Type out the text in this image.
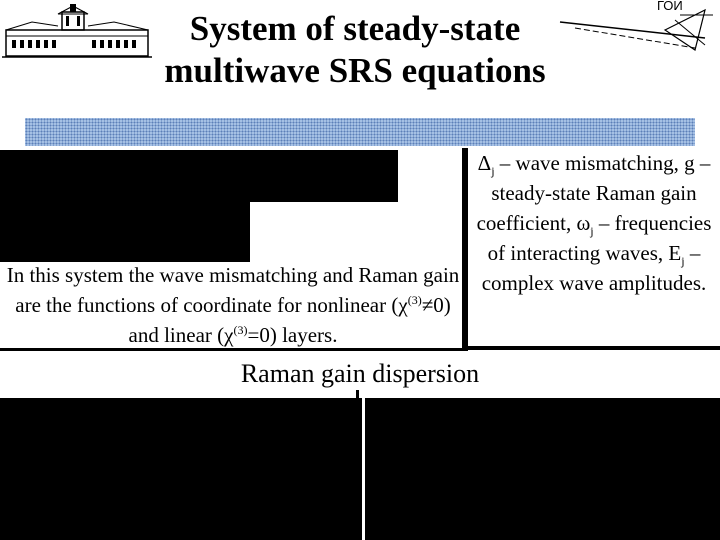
ГОИ
System of steady-state
multiwave SRS equations
In this system the wave mismatching and Raman gain are the functions of coordinate for nonlinear $(\chi^{(3)}\ne 0)$ and linear $(\chi^{(3)}=0)$ layers.
$\Delta_j$ – wave mismatching, g – steady-state Raman gain coefficient, $\omega_j$ – frequencies of interacting waves, $E_j$ – complex wave amplitudes.
Raman gain dispersion
